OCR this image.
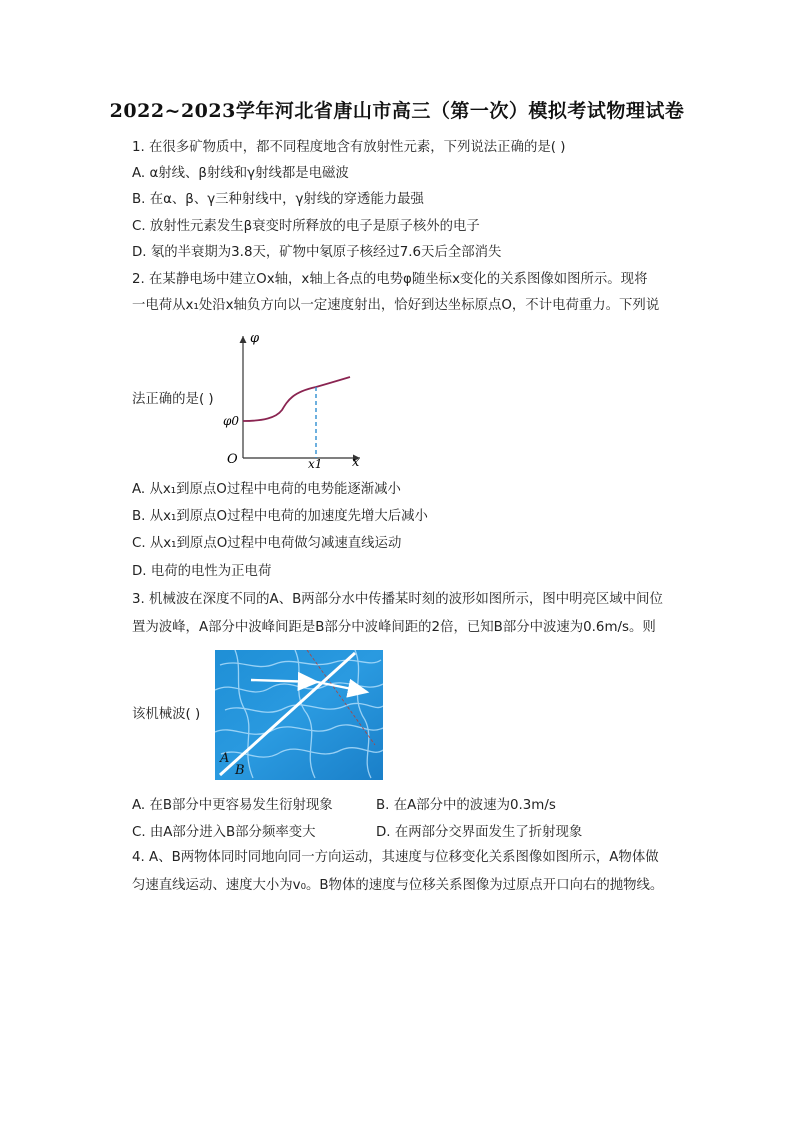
2022~2023学年河北省唐山市高三（第一次）模拟考试物理试卷
1. 在很多矿物质中，都不同程度地含有放射性元素，下列说法正确的是( )
A. α射线、β射线和γ射线都是电磁波
B. 在α、β、γ三种射线中，γ射线的穿透能力最强
C. 放射性元素发生β衰变时所释放的电子是原子核外的电子
D. 氡的半衰期为3.8天，矿物中氡原子核经过7.6天后全部消失
2. 在某静电场中建立Ox轴，x轴上各点的电势φ随坐标x变化的关系图像如图所示。现将
一电荷从x₁处沿x轴负方向以一定速度射出，恰好到达坐标原点O，不计电荷重力。下列说
φ
φ0
O	x1 x
法正确的是( )
A. 从x₁到原点O过程中电荷的电势能逐渐减小
B. 从x₁到原点O过程中电荷的加速度先增大后减小
C. 从x₁到原点O过程中电荷做匀减速直线运动
D. 电荷的电性为正电荷
3. 机械波在深度不同的A、B两部分水中传播某时刻的波形如图所示，图中明亮区域中间位
置为波峰，A部分中波峰间距是B部分中波峰间距的2倍，已知B部分中波速为0.6m/s。则
A
B
该机械波( )
A. 在B部分中更容易发生衍射现象	B. 在A部分中的波速为0.3m/s
C. 由A部分进入B部分频率变大	D. 在两部分交界面发生了折射现象
4. A、B两物体同时同地向同一方向运动，其速度与位移变化关系图像如图所示，A物体做
匀速直线运动、速度大小为v₀。B物体的速度与位移关系图像为过原点开口向右的抛物线。
